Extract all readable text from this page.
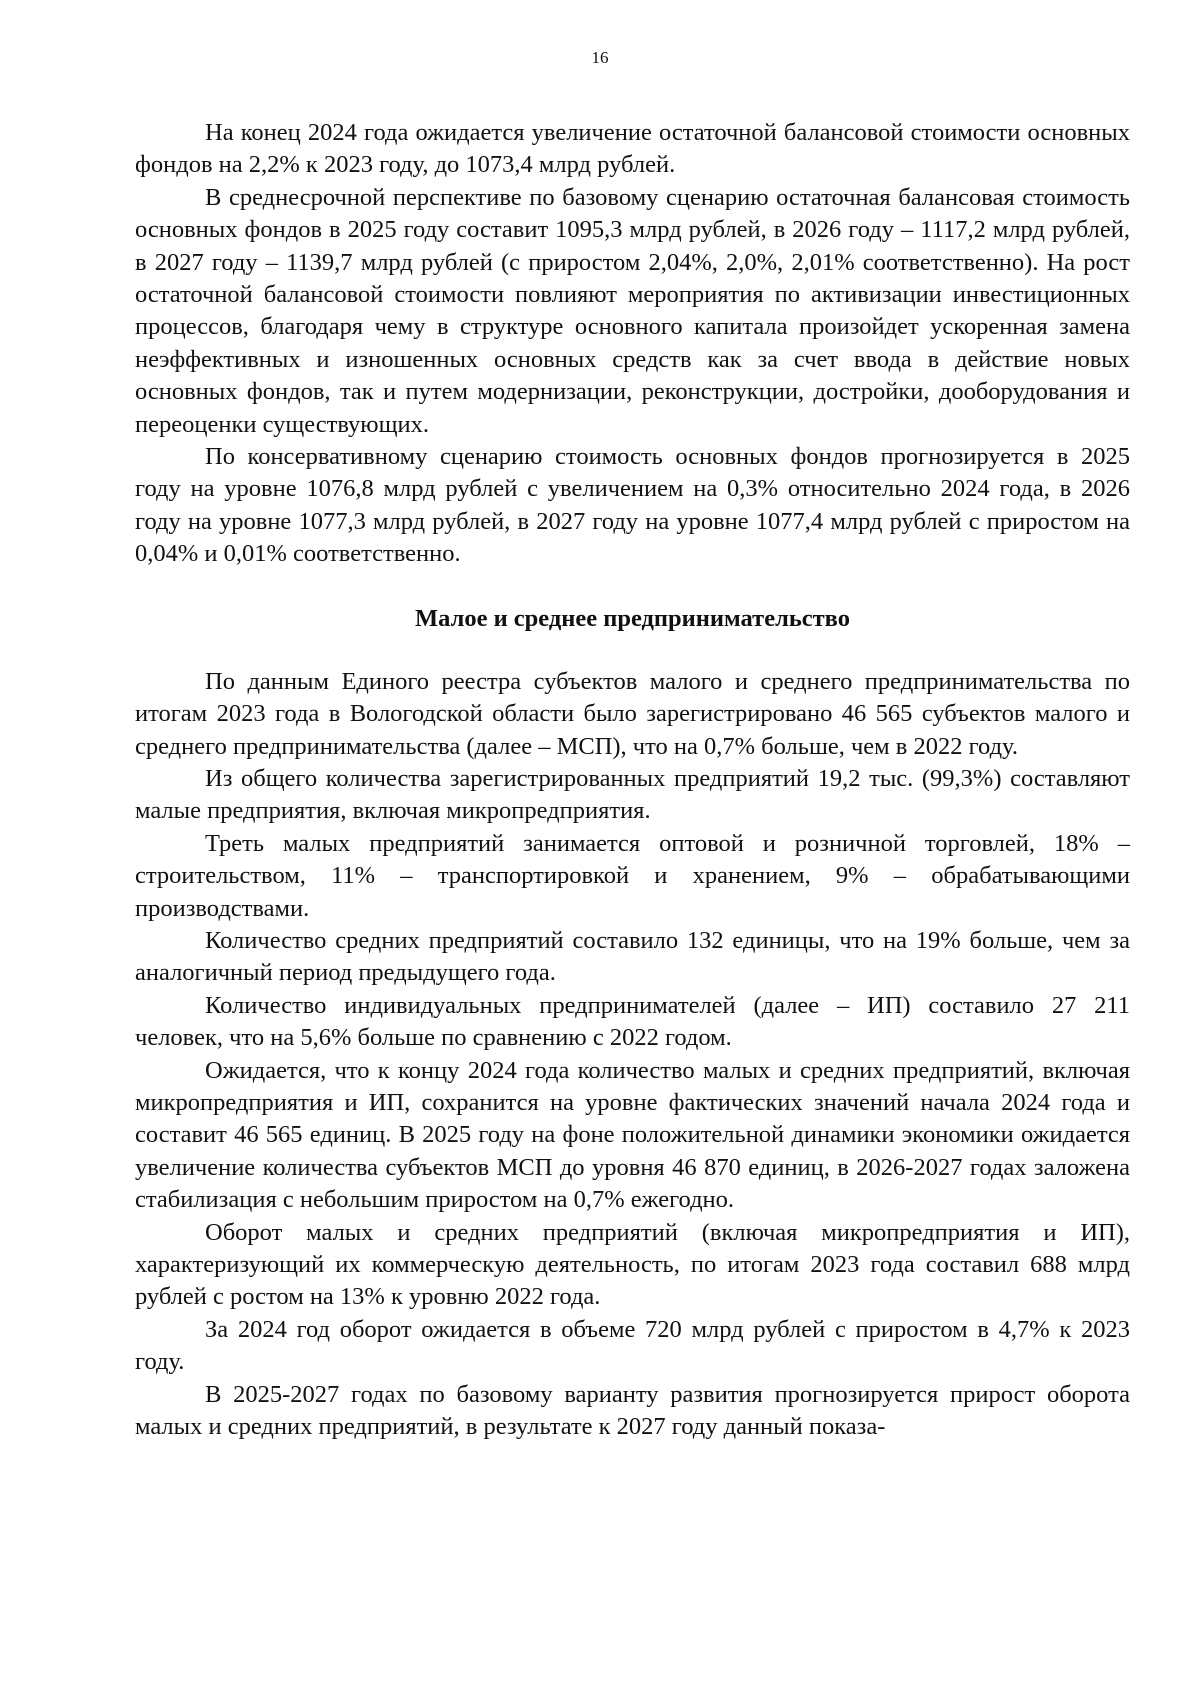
16

На конец 2024 года ожидается увеличение остаточной балансовой стоимости основных фондов на 2,2% к 2023 году, до 1073,4 млрд рублей.

В среднесрочной перспективе по базовому сценарию остаточная балансовая стоимость основных фондов в 2025 году составит 1095,3 млрд рублей, в 2026 году – 1117,2 млрд рублей, в 2027 году – 1139,7 млрд рублей (с приростом 2,04%, 2,0%, 2,01% соответственно). На рост остаточной балансовой стоимости повлияют мероприятия по активизации инвестиционных процессов, благодаря чему в структуре основного капитала произойдет ускоренная замена неэффективных и изношенных основных средств как за счет ввода в действие новых основных фондов, так и путем модернизации, реконструкции, достройки, дооборудования и переоценки существующих.

По консервативному сценарию стоимость основных фондов прогнозируется в 2025 году на уровне 1076,8 млрд рублей с увеличением на 0,3% относительно 2024 года, в 2026 году на уровне 1077,3 млрд рублей, в 2027 году на уровне 1077,4 млрд рублей с приростом на 0,04% и 0,01% соответственно.

Малое и среднее предпринимательство

По данным Единого реестра субъектов малого и среднего предпринимательства по итогам 2023 года в Вологодской области было зарегистрировано 46 565 субъектов малого и среднего предпринимательства (далее – МСП), что на 0,7% больше, чем в 2022 году.

Из общего количества зарегистрированных предприятий 19,2 тыс. (99,3%) составляют малые предприятия, включая микропредприятия.

Треть малых предприятий занимается оптовой и розничной торговлей, 18% – строительством, 11% – транспортировкой и хранением, 9% – обрабатывающими производствами.

Количество средних предприятий составило 132 единицы, что на 19% больше, чем за аналогичный период предыдущего года.

Количество индивидуальных предпринимателей (далее – ИП) составило 27 211 человек, что на 5,6% больше по сравнению с 2022 годом.

Ожидается, что к концу 2024 года количество малых и средних предприятий, включая микропредприятия и ИП, сохранится на уровне фактических значений начала 2024 года и составит 46 565 единиц. В 2025 году на фоне положительной динамики экономики ожидается увеличение количества субъектов МСП до уровня 46 870 единиц, в 2026-2027 годах заложена стабилизация с небольшим приростом на 0,7% ежегодно.

Оборот малых и средних предприятий (включая микропредприятия и ИП), характеризующий их коммерческую деятельность, по итогам 2023 года составил 688 млрд рублей с ростом на 13% к уровню 2022 года.

За 2024 год оборот ожидается в объеме 720 млрд рублей с приростом в 4,7% к 2023 году.

В 2025-2027 годах по базовому варианту развития прогнозируется прирост оборота малых и средних предприятий, в результате к 2027 году данный показа-
